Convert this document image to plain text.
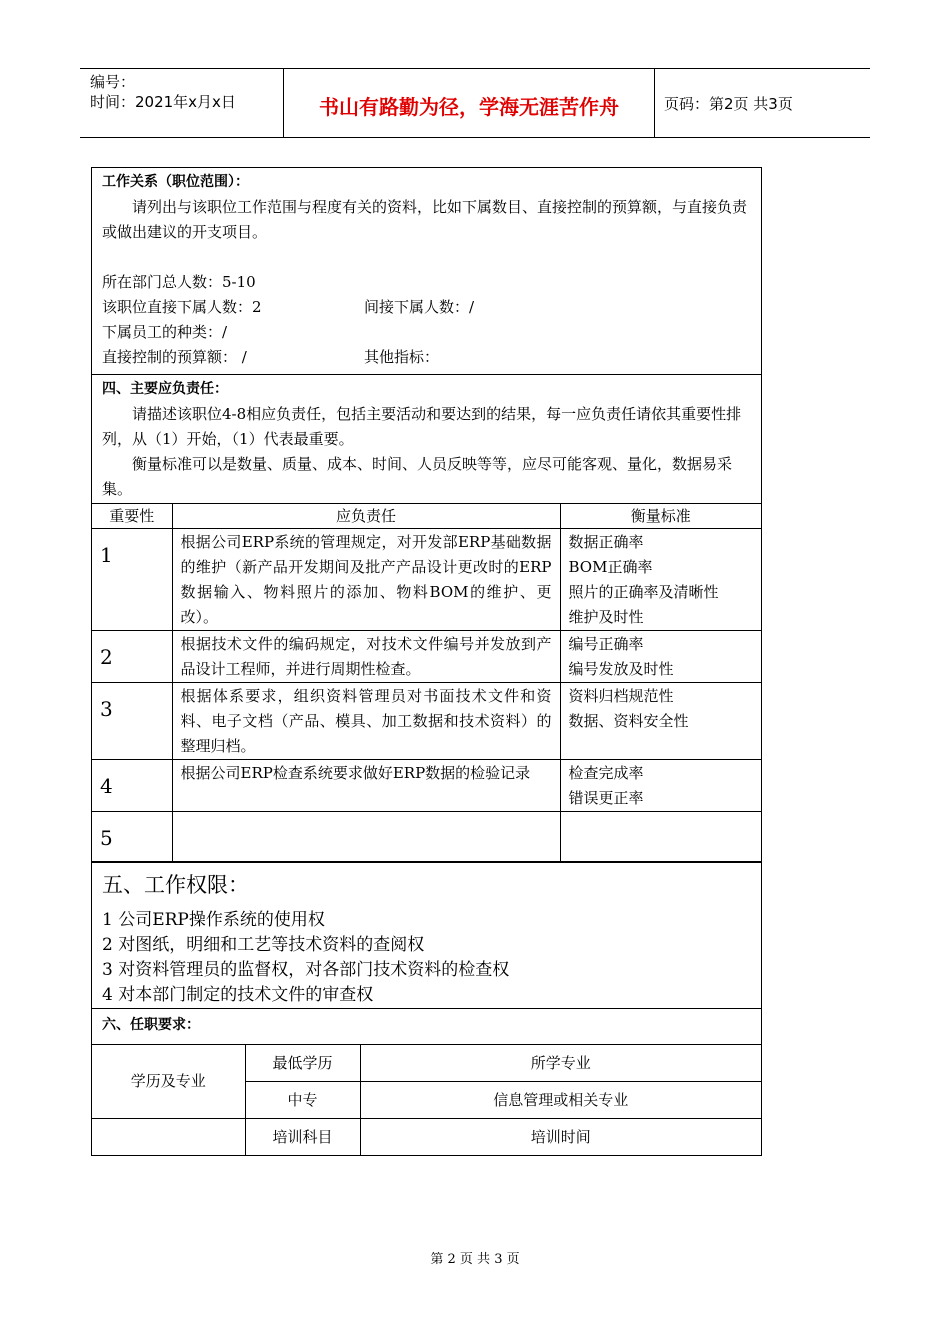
编号：
时间：2021年x月x日	书山有路勤为径，学海无涯苦作舟	页码：第2页 共3页
工作关系（职位范围）：
请列出与该职位工作范围与程度有关的资料，比如下属数目、直接控制的预算额，与直接负责或做出建议的开支项目。
所在部门总人数：5-10
该职位直接下属人数：2	间接下属人数：/
下属员工的种类：/
直接控制的预算额： /	其他指标：
四、主要应负责任：
请描述该职位4-8相应负责任，包括主要活动和要达到的结果，每一应负责任请依其重要性排列，从（1）开始，（1）代表最重要。
衡量标准可以是数量、质量、成本、时间、人员反映等等，应尽可能客观、量化，数据易采集。
重要性	应负责任	衡量标准
1	根据公司ERP系统的管理规定，对开发部ERP基础数据的维护（新产品开发期间及批产产品设计更改时的ERP数据输入、物料照片的添加、物料BOM的维护、更改）。	数据正确率
BOM正确率
照片的正确率及清晰性
维护及时性

2	根据技术文件的编码规定，对技术文件编号并发放到产品设计工程师，并进行周期性检查。	编号正确率
编号发放及时性

3	根据体系要求，组织资料管理员对书面技术文件和资料、电子文档（产品、模具、加工数据和技术资料）的整理归档。	资料归档规范性
数据、资料安全性

4	根据公司ERP检查系统要求做好ERP数据的检验记录	检查完成率
错误更正率

5		
五、工作权限：
1 公司ERP操作系统的使用权
2 对图纸，明细和工艺等技术资料的查阅权
3 对资料管理员的监督权，对各部门技术资料的检查权
4 对本部门制定的技术文件的审查权
六、任职要求：
学历及专业	最低学历	所学专业
	中专	信息管理或相关专业
	培训科目	培训时间
第 2 页 共 3 页
